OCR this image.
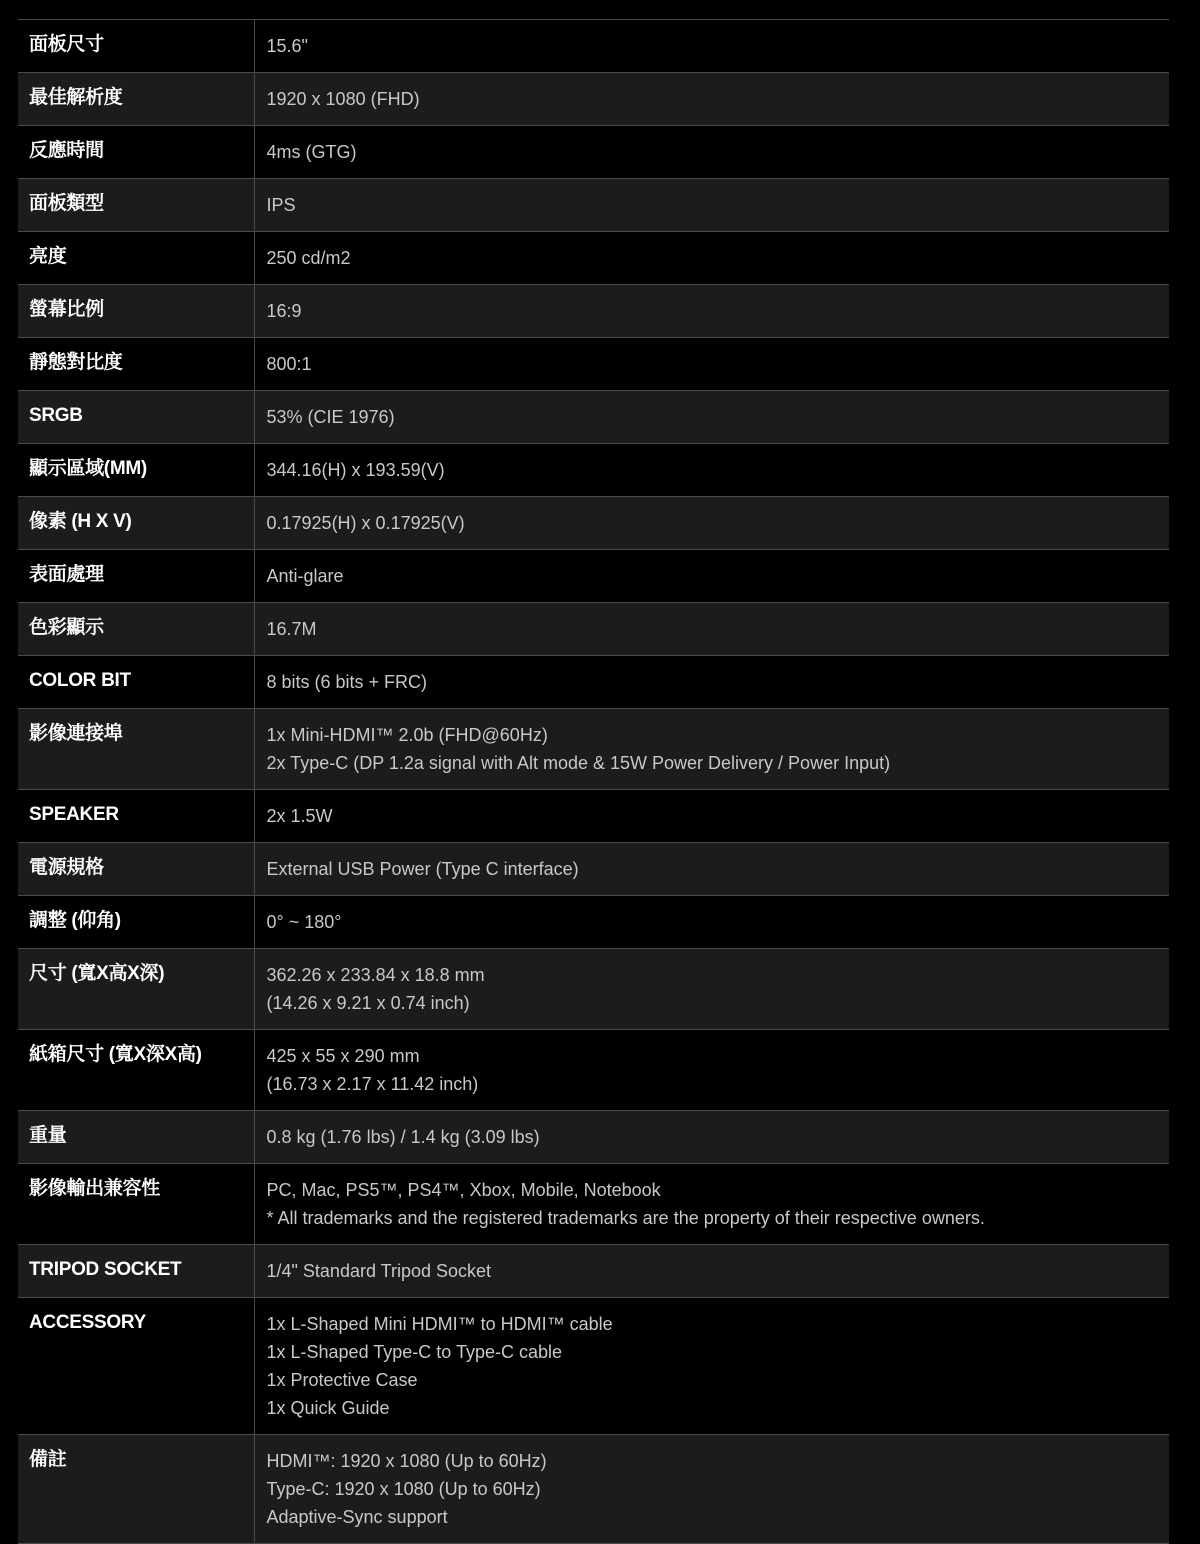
面板尺寸	15.6"

最佳解析度	1920 x 1080 (FHD)

反應時間	4ms (GTG)

面板類型	IPS

亮度	250 cd/m2

螢幕比例	16:9

靜態對比度	800:1

SRGB	53% (CIE 1976)

顯示區域(MM)	344.16(H) x 193.59(V)

像素 (H X V)	0.17925(H) x 0.17925(V)

表面處理	Anti-glare

色彩顯示	16.7M

COLOR BIT	8 bits (6 bits + FRC)

影像連接埠	1x Mini-HDMI™ 2.0b (FHD@60Hz)
2x Type-C (DP 1.2a signal with Alt mode & 15W Power Delivery / Power Input)

SPEAKER	2x 1.5W

電源規格	External USB Power (Type C interface)

調整 (仰角)	0° ~ 180°

尺寸 (寬X高X深)	362.26 x 233.84 x 18.8 mm
(14.26 x 9.21 x 0.74 inch)

紙箱尺寸 (寬X深X高)	425 x 55 x 290 mm
(16.73 x 2.17 x 11.42 inch)

重量	0.8 kg (1.76 lbs) / 1.4 kg (3.09 lbs)

影像輸出兼容性	PC, Mac, PS5™, PS4™, Xbox, Mobile, Notebook
* All trademarks and the registered trademarks are the property of their respective owners.

TRIPOD SOCKET	1/4" Standard Tripod Socket

ACCESSORY	1x L-Shaped Mini HDMI™ to HDMI™ cable
1x L-Shaped Type-C to Type-C cable
1x Protective Case
1x Quick Guide

備註	HDMI™: 1920 x 1080 (Up to 60Hz)
Type-C: 1920 x 1080 (Up to 60Hz)
Adaptive-Sync support
